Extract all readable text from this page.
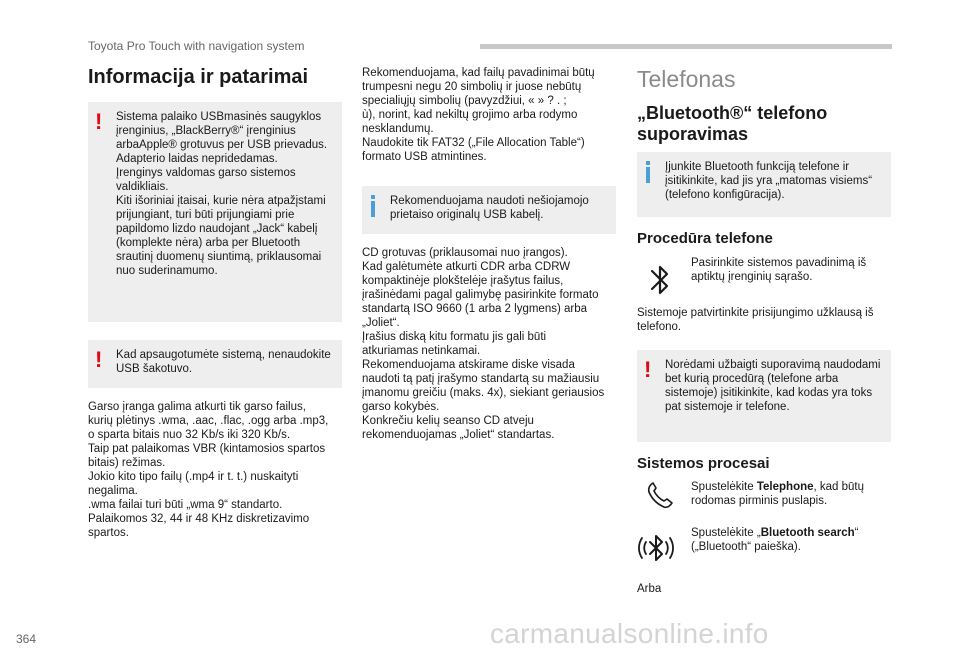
Toyota Pro Touch with navigation system
Informacija ir patarimai
! Sistema palaiko USBmasinės saugyklos
įrenginius, „BlackBerry®“ įrenginius
arbaApple® grotuvus per USB prievadus.
Adapterio laidas nepridedamas.
Įrenginys valdomas garso sistemos
valdikliais.
Kiti išoriniai įtaisai, kurie nėra atpažįstami
prijungiant, turi būti prijungiami prie
papildomo lizdo naudojant „Jack“ kabelį
(komplekte nėra) arba per Bluetooth
srautinį duomenų siuntimą, priklausomai
nuo suderinamumo.
! Kad apsaugotumėte sistemą, nenaudokite
USB šakotuvo.
Garso įranga galima atkurti tik garso failus,
kurių plėtinys .wma, .aac, .flac, .ogg arba .mp3,
o sparta bitais nuo 32 Kb/s iki 320 Kb/s.
Taip pat palaikomas VBR (kintamosios spartos
bitais) režimas.
Jokio kito tipo failų (.mp4 ir t. t.) nuskaityti
negalima.
.wma failai turi būti „wma 9“ standarto.
Palaikomos 32, 44 ir 48 KHz diskretizavimo
spartos.
Rekomenduojama, kad failų pavadinimai būtų
trumpesni negu 20 simbolių ir juose nebūtų
specialiųjų simbolių (pavyzdžiui, « » ? . ;
ù), norint, kad nekiltų grojimo arba rodymo
nesklandumų.
Naudokite tik FAT32 („File Allocation Table“)
formato USB atmintines.
Rekomenduojama naudoti nešiojamojo
prietaiso originalų USB kabelį.
CD grotuvas (priklausomai nuo įrangos).
Kad galėtumėte atkurti CDR arba CDRW
kompaktinėje plokštelėje įrašytus failus,
įrašinėdami pagal galimybę pasirinkite formato
standartą ISO 9660 (1 arba 2 lygmens) arba
„Joliet“.
Įrašius diską kitu formatu jis gali būti
atkuriamas netinkamai.
Rekomenduojama atskirame diske visada
naudoti tą patį įrašymo standartą su mažiausiu
įmanomu greičiu (maks. 4x), siekiant geriausios
garso kokybės.
Konkrečiu kelių seanso CD atveju
rekomenduojamas „Joliet“ standartas.
Telefonas
„Bluetooth®“ telefono
suporavimas
Įjunkite Bluetooth funkciją telefone ir
įsitikinkite, kad jis yra „matomas visiems“
(telefono konfigūracija).
Procedūra telefone
Pasirinkite sistemos pavadinimą iš
aptiktų įrenginių sąrašo.
Sistemoje patvirtinkite prisijungimo užklausą iš
telefono.
! Norėdami užbaigti suporavimą naudodami
bet kurią procedūrą (telefone arba
sistemoje) įsitikinkite, kad kodas yra toks
pat sistemoje ir telefone.
Sistemos procesai

Spustelėkite Telephone, kad būtų

rodomas pirminis puslapis.

Spustelėkite „Bluetooth search“

(„Bluetooth“ paieška).

Arba
364	carmanualsonline.info
